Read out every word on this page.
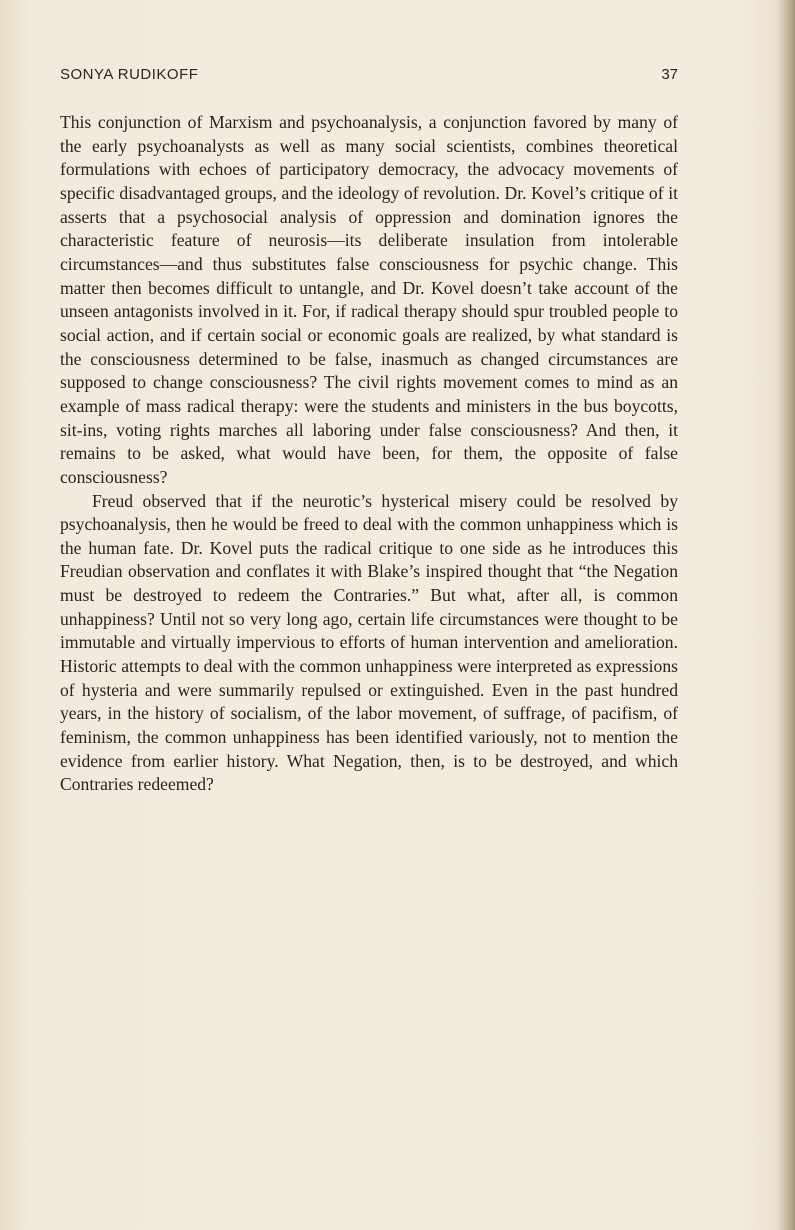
SONYA RUDIKOFF	37

This conjunction of Marxism and psychoanalysis, a conjunction favored by many of the early psychoanalysts as well as many social scientists, combines theoretical formulations with echoes of participatory democracy, the advocacy movements of specific disadvantaged groups, and the ideology of revolution. Dr. Kovel’s critique of it asserts that a psychosocial analysis of oppression and domination ignores the characteristic feature of neurosis—its deliberate insulation from intolerable circumstances—and thus substitutes false consciousness for psychic change. This matter then becomes difficult to untangle, and Dr. Kovel doesn’t take account of the unseen antagonists involved in it. For, if radical therapy should spur troubled people to social action, and if certain social or economic goals are realized, by what standard is the consciousness determined to be false, inasmuch as changed circumstances are supposed to change consciousness? The civil rights movement comes to mind as an example of mass radical therapy: were the students and ministers in the bus boycotts, sit-ins, voting rights marches all laboring under false consciousness? And then, it remains to be asked, what would have been, for them, the opposite of false consciousness?

Freud observed that if the neurotic’s hysterical misery could be resolved by psychoanalysis, then he would be freed to deal with the common unhappiness which is the human fate. Dr. Kovel puts the radical critique to one side as he introduces this Freudian observation and conflates it with Blake’s inspired thought that “the Negation must be destroyed to redeem the Contraries.” But what, after all, is common unhappiness? Until not so very long ago, certain life circumstances were thought to be immutable and virtually impervious to efforts of human intervention and amelioration. Historic attempts to deal with the common unhappiness were interpreted as expressions of hysteria and were summarily repulsed or extinguished. Even in the past hundred years, in the history of socialism, of the labor movement, of suffrage, of pacifism, of feminism, the common unhappiness has been identified variously, not to mention the evidence from earlier history. What Negation, then, is to be destroyed, and which Contraries redeemed?
